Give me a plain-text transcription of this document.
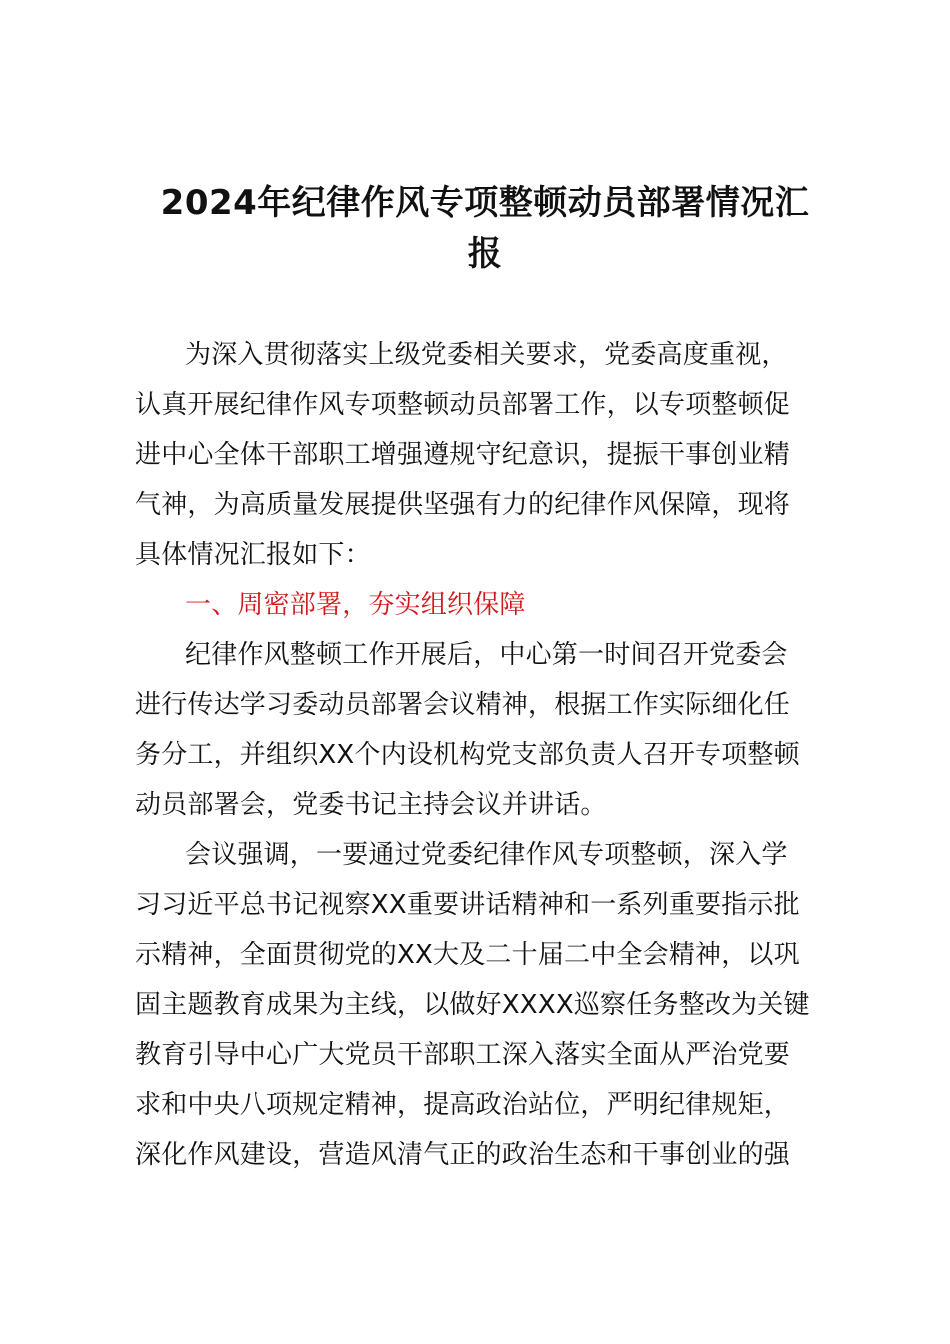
2024年纪律作风专项整顿动员部署情况汇
报
为深入贯彻落实上级党委相关要求，党委高度重视，
认真开展纪律作风专项整顿动员部署工作，以专项整顿促
进中心全体干部职工增强遵规守纪意识，提振干事创业精
气神，为高质量发展提供坚强有力的纪律作风保障，现将
具体情况汇报如下：
一、周密部署，夯实组织保障
纪律作风整顿工作开展后，中心第一时间召开党委会
进行传达学习委动员部署会议精神，根据工作实际细化任
务分工，并组织XX个内设机构党支部负责人召开专项整顿
动员部署会，党委书记主持会议并讲话。
会议强调，一要通过党委纪律作风专项整顿，深入学
习习近平总书记视察XX重要讲话精神和一系列重要指示批
示精神，全面贯彻党的XX大及二十届二中全会精神，以巩
固主题教育成果为主线，以做好XXXX巡察任务整改为关键
教育引导中心广大党员干部职工深入落实全面从严治党要
求和中央八项规定精神，提高政治站位，严明纪律规矩，
深化作风建设，营造风清气正的政治生态和干事创业的强
